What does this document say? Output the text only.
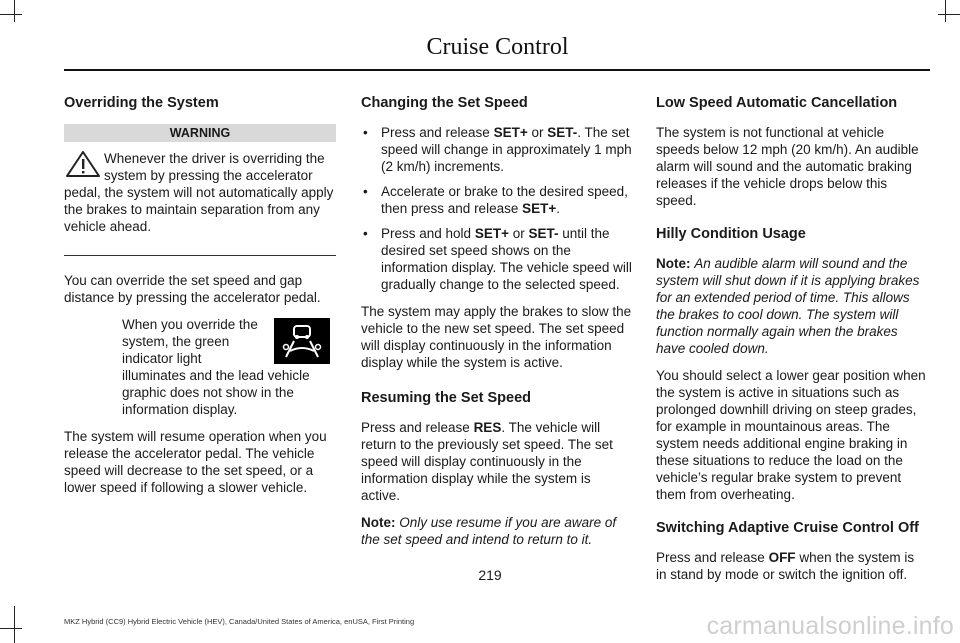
Cruise Control
Overriding the System
WARNING

Whenever the driver is overriding the system by pressing the accelerator pedal, the system will not automatically apply the brakes to maintain separation from any vehicle ahead.

You can override the set speed and gap distance by pressing the accelerator pedal.

When you override the system, the green indicator light illuminates and the lead vehicle graphic does not show in the information display.

The system will resume operation when you release the accelerator pedal. The vehicle speed will decrease to the set speed, or a lower speed if following a slower vehicle.

Changing the Set Speed
• Press and release SET+ or SET-. The set speed will change in approximately 1 mph (2 km/h) increments.
• Accelerate or brake to the desired speed, then press and release SET+.
• Press and hold SET+ or SET- until the desired set speed shows on the information display. The vehicle speed will gradually change to the selected speed.

The system may apply the brakes to slow the vehicle to the new set speed. The set speed will display continuously in the information display while the system is active.

Resuming the Set Speed

Press and release RES. The vehicle will return to the previously set speed. The set speed will display continuously in the information display while the system is active.

Note: Only use resume if you are aware of the set speed and intend to return to it.

Low Speed Automatic Cancellation

The system is not functional at vehicle speeds below 12 mph (20 km/h). An audible alarm will sound and the automatic braking releases if the vehicle drops below this speed.

Hilly Condition Usage

Note: An audible alarm will sound and the system will shut down if it is applying brakes for an extended period of time. This allows the brakes to cool down. The system will function normally again when the brakes have cooled down.

You should select a lower gear position when the system is active in situations such as prolonged downhill driving on steep grades, for example in mountainous areas. The system needs additional engine braking in these situations to reduce the load on the vehicle’s regular brake system to prevent them from overheating.

Switching Adaptive Cruise Control Off

Press and release OFF when the system is in stand by mode or switch the ignition off.

219
MKZ Hybrid (CC9) Hybrid Electric Vehicle (HEV), Canada/United States of America, enUSA, First Printing	carmanualsonline.info
